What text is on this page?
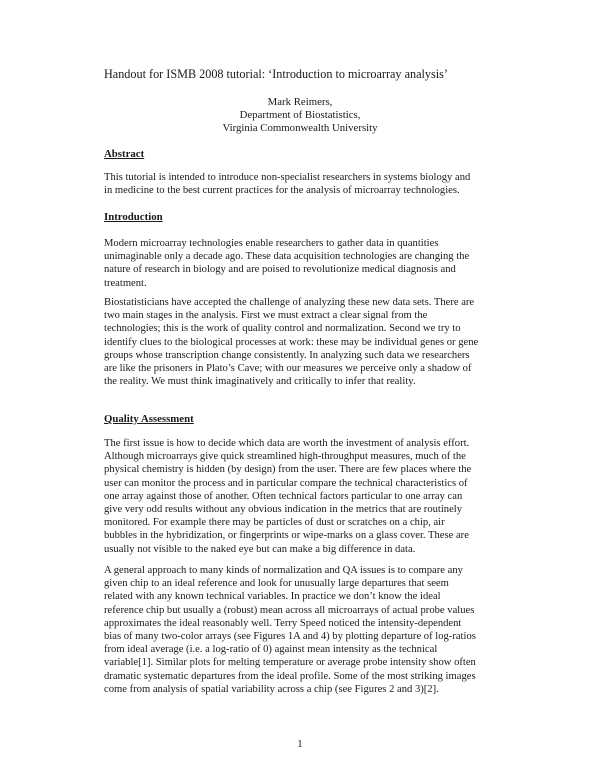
Handout for ISMB 2008 tutorial: ‘Introduction to microarray analysis’
Mark Reimers,
Department of Biostatistics,
Virginia Commonwealth University
Abstract
This tutorial is intended to introduce non-specialist researchers in systems biology and
in medicine to the best current practices for the analysis of microarray technologies.
Introduction
Modern microarray technologies enable researchers to gather data in quantities
unimaginable only a decade ago. These data acquisition technologies are changing the
nature of research in biology and are poised to revolutionize medical diagnosis and
treatment.
Biostatisticians have accepted the challenge of analyzing these new data sets. There are
two main stages in the analysis. First we must extract a clear signal from the
technologies; this is the work of quality control and normalization. Second we try to
identify clues to the biological processes at work: these may be individual genes or gene
groups whose transcription change consistently. In analyzing such data we researchers
are like the prisoners in Plato’s Cave; with our measures we perceive only a shadow of
the reality. We must think imaginatively and critically to infer that reality.
Quality Assessment
The first issue is how to decide which data are worth the investment of analysis effort.
Although microarrays give quick streamlined high-throughput measures, much of the
physical chemistry is hidden (by design) from the user. There are few places where the
user can monitor the process and in particular compare the technical characteristics of
one array against those of another. Often technical factors particular to one array can
give very odd results without any obvious indication in the metrics that are routinely
monitored. For example there may be particles of dust or scratches on a chip, air
bubbles in the hybridization, or fingerprints or wipe-marks on a glass cover. These are
usually not visible to the naked eye but can make a big difference in data.
A general approach to many kinds of normalization and QA issues is to compare any
given chip to an ideal reference and look for unusually large departures that seem
related with any known technical variables. In practice we don’t know the ideal
reference chip but usually a (robust) mean across all microarrays of actual probe values
approximates the ideal reasonably well. Terry Speed noticed the intensity-dependent
bias of many two-color arrays (see Figures 1A and 4) by plotting departure of log-ratios
from ideal average (i.e. a log-ratio of 0) against mean intensity as the technical
variable[1]. Similar plots for melting temperature or average probe intensity show often
dramatic systematic departures from the ideal profile. Some of the most striking images
come from analysis of spatial variability across a chip (see Figures 2 and 3)[2].
1
